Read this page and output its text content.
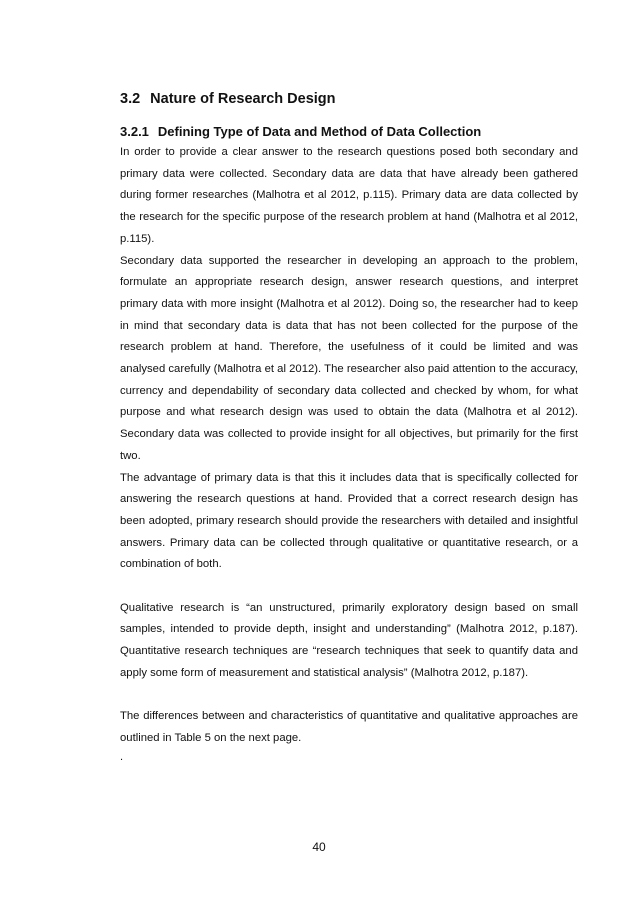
3.2 Nature of Research Design
3.2.1 Defining Type of Data and Method of Data Collection

In order to provide a clear answer to the research questions posed both secondary and primary data were collected. Secondary data are data that have already been gathered during former researches (Malhotra et al 2012, p.115). Primary data are data collected by the research for the specific purpose of the research problem at hand (Malhotra et al 2012, p.115).

Secondary data supported the researcher in developing an approach to the problem, formulate an appropriate research design, answer research questions, and interpret primary data with more insight (Malhotra et al 2012). Doing so, the researcher had to keep in mind that secondary data is data that has not been collected for the purpose of the research problem at hand. Therefore, the usefulness of it could be limited and was analysed carefully (Malhotra et al 2012). The researcher also paid attention to the accuracy, currency and dependability of secondary data collected and checked by whom, for what purpose and what research design was used to obtain the data (Malhotra et al 2012). Secondary data was collected to provide insight for all objectives, but primarily for the first two.

The advantage of primary data is that this it includes data that is specifically collected for answering the research questions at hand. Provided that a correct research design has been adopted, primary research should provide the researchers with detailed and insightful answers. Primary data can be collected through qualitative or quantitative research, or a combination of both.

Qualitative research is “an unstructured, primarily exploratory design based on small samples, intended to provide depth, insight and understanding” (Malhotra 2012, p.187). Quantitative research techniques are “research techniques that seek to quantify data and apply some form of measurement and statistical analysis” (Malhotra 2012, p.187).

The differences between and characteristics of quantitative and qualitative approaches are outlined in Table 5 on the next page.

.

40
